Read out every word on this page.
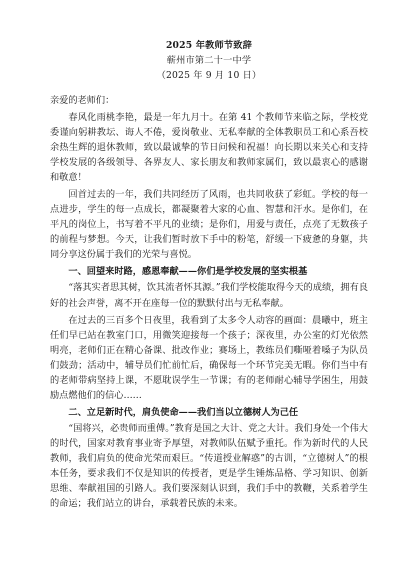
2025 年教师节致辞
蕲州市第二十一中学
（2025 年 9 月 10 日）

亲爱的老师们：

春风化雨桃李艳，最是一年九月十。在第 41 个教师节来临之际，学校党委谨向躬耕教坛、诲人不倦，爱岗敬业、无私奉献的全体教职员工和心系吾校余热生辉的退休教师，致以最诚挚的节日问候和祝福！向长期以来关心和支持学校发展的各级领导、各界友人、家长朋友和教师家属们，致以最衷心的感谢和敬意！

回首过去的一年，我们共同经历了风雨，也共同收获了彩虹。学校的每一点进步，学生的每一点成长，都凝聚着大家的心血、智慧和汗水。是你们，在平凡的岗位上，书写着不平凡的业绩；是你们，用爱与责任，点亮了无数孩子的前程与梦想。今天，让我们暂时放下手中的粉笔，舒缓一下疲惫的身躯，共同分享这份属于我们的光荣与喜悦。

一、回望来时路，感恩奉献——你们是学校发展的坚实根基

“落其实者思其树，饮其流者怀其源。”我们学校能取得今天的成绩，拥有良好的社会声誉，离不开在座每一位的默默付出与无私奉献。

在过去的三百多个日夜里，我看到了太多令人动容的画面：晨曦中，班主任们早已站在教室门口，用微笑迎接每一个孩子；深夜里，办公室的灯光依然明亮，老师们正在精心备课、批改作业；赛场上，教练员们嘶哑着嗓子为队员们鼓劲；活动中，辅导员们忙前忙后，确保每一个环节完美无暇。你们当中有的老师带病坚持上课，不愿耽误学生一节课；有的老师耐心辅导学困生，用鼓励点燃他们的信心……

二、立足新时代，肩负使命——我们当以立德树人为己任

“国将兴，必贵师而重傅。”教育是国之大计、党之大计。我们身处一个伟大的时代，国家对教育事业寄予厚望，对教师队伍赋予重托。作为新时代的人民教师，我们肩负的使命光荣而艰巨。“传道授业解惑”的古训，“立德树人”的根本任务，要求我们不仅是知识的传授者，更是学生锤炼品格、学习知识、创新思维、奉献祖国的引路人。我们要深刻认识到，我们手中的教鞭，关系着学生的命运；我们站立的讲台，承载着民族的未来。
